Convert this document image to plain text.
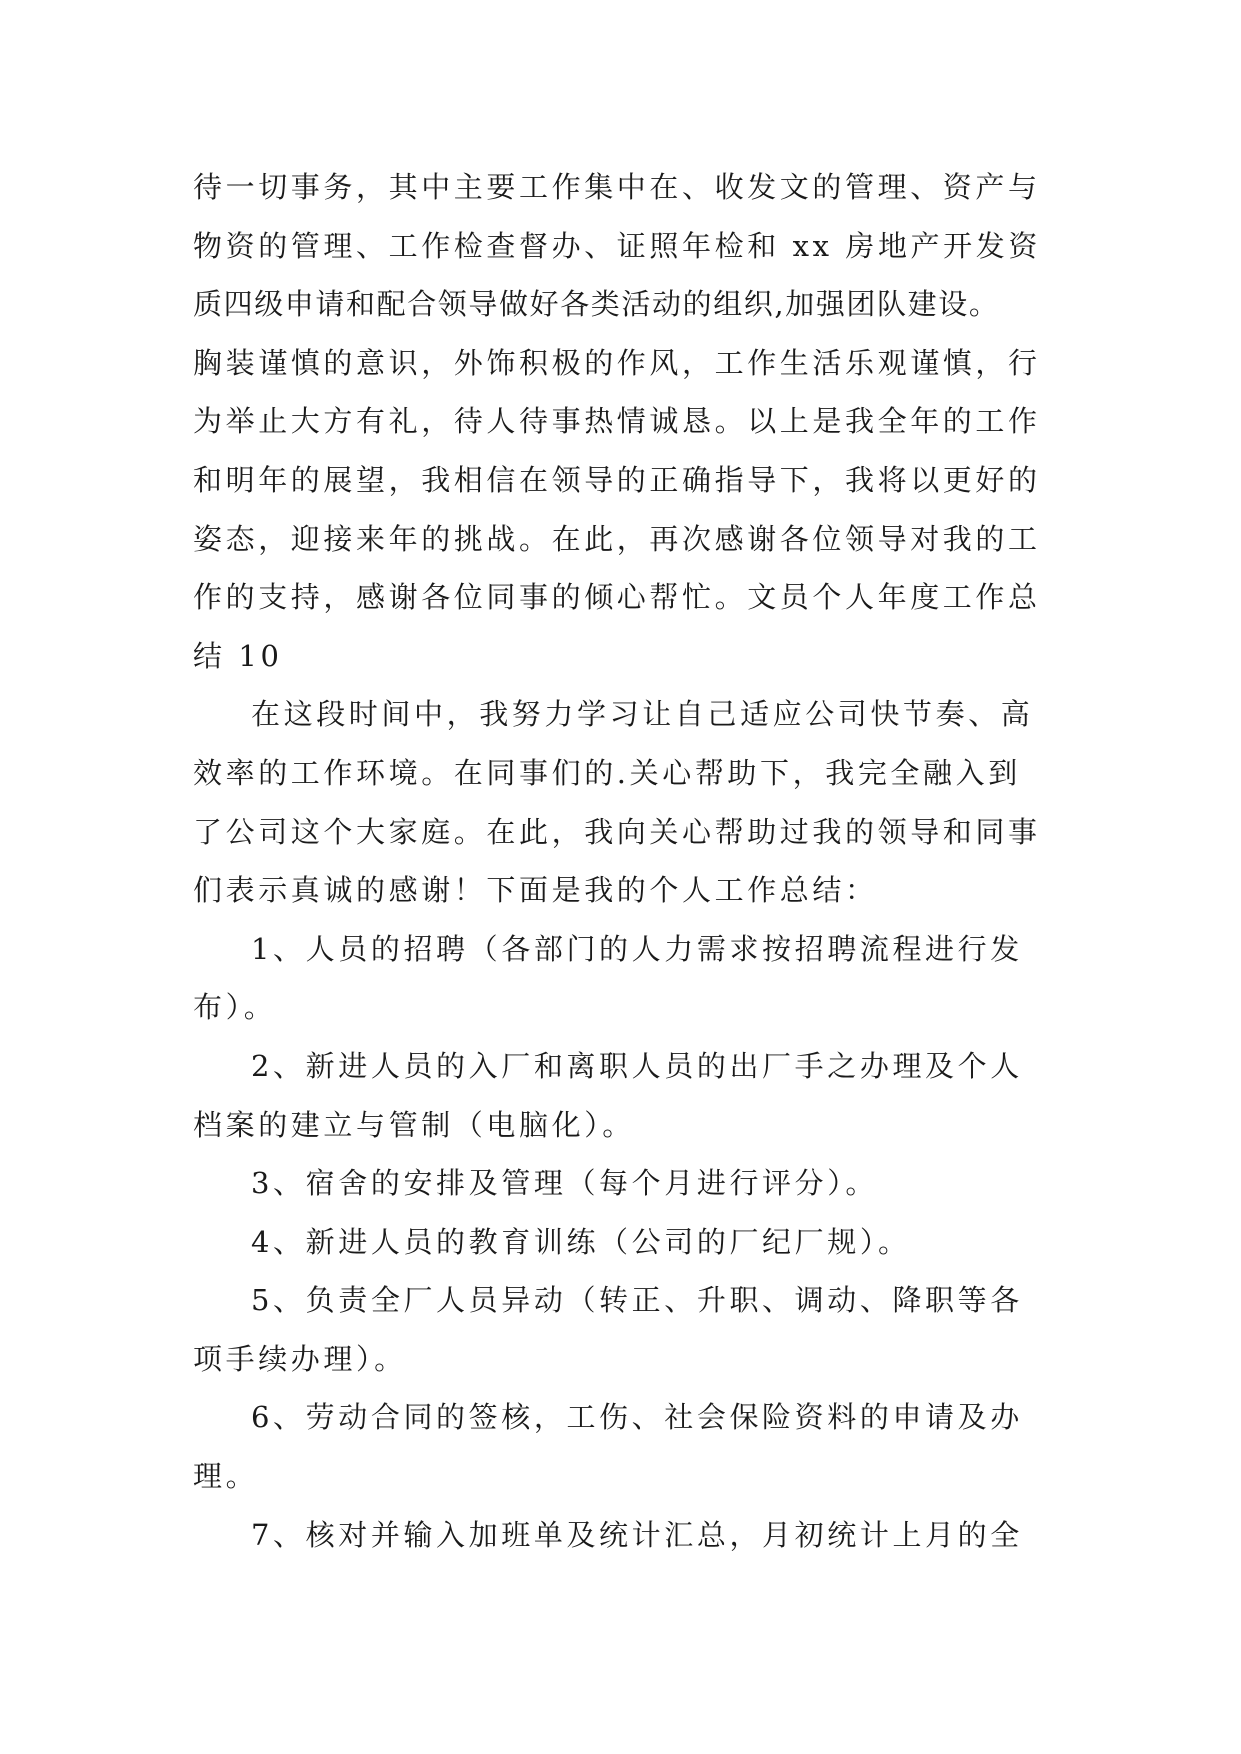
待一切事务，其中主要工作集中在、收发文的管理、资产与
物资的管理、工作检查督办、证照年检和 xx 房地产开发资
质四级申请和配合领导做好各类活动的组织,加强团队建设。
胸装谨慎的意识，外饰积极的作风，工作生活乐观谨慎，行
为举止大方有礼，待人待事热情诚恳。以上是我全年的工作
和明年的展望，我相信在领导的正确指导下，我将以更好的
姿态，迎接来年的挑战。在此，再次感谢各位领导对我的工
作的支持，感谢各位同事的倾心帮忙。文员个人年度工作总
结 10
在这段时间中，我努力学习让自己适应公司快节奏、高
效率的工作环境。在同事们的.关心帮助下，我完全融入到
了公司这个大家庭。在此，我向关心帮助过我的领导和同事
们表示真诚的感谢！下面是我的个人工作总结：
1、人员的招聘（各部门的人力需求按招聘流程进行发
布）。
2、新进人员的入厂和离职人员的出厂手之办理及个人
档案的建立与管制（电脑化）。
3、宿舍的安排及管理（每个月进行评分）。
4、新进人员的教育训练（公司的厂纪厂规）。
5、负责全厂人员异动（转正、升职、调动、降职等各
项手续办理）。
6、劳动合同的签核，工伤、社会保险资料的申请及办
理。
7、核对并输入加班单及统计汇总，月初统计上月的全
